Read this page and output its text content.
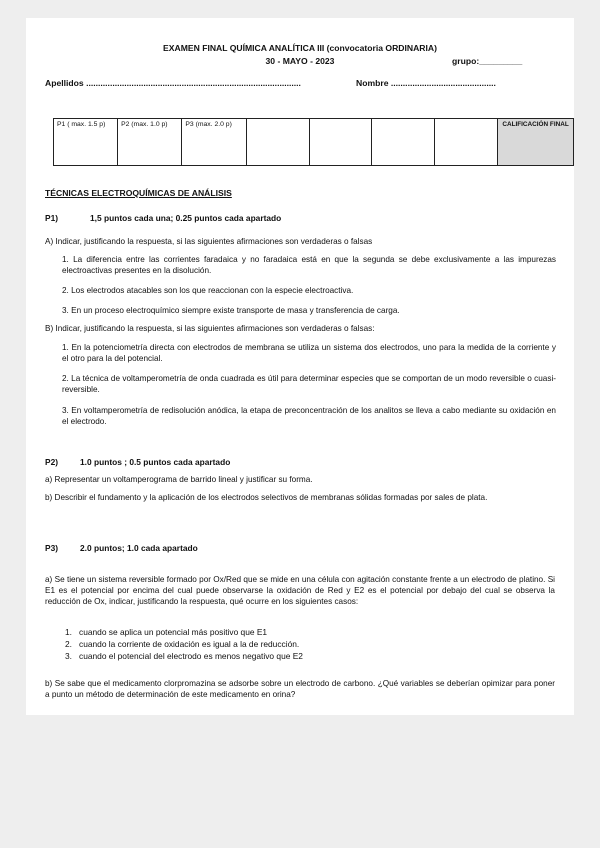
EXAMEN FINAL QUÍMICA ANALÍTICA III (convocatoria ORDINARIA)
30 - MAYO - 2023	grupo:_________
Apellidos ..........................................................................................	Nombre ............................................
P1 ( max. 1.5 p)	P2 (max. 1.0 p)	P3 (max. 2.0 p)					CALIFICACIÓN FINAL
TÉCNICAS ELECTROQUÍMICAS DE ANÁLISIS
P1)	1,5 puntos cada una; 0.25 puntos cada apartado
A) Indicar, justificando la respuesta, si las siguientes afirmaciones son verdaderas o falsas
1. La diferencia entre las corrientes faradaica y no faradaica está en que la segunda se debe exclusivamente a las impurezas electroactivas presentes en la disolución.
2. Los electrodos atacables son los que reaccionan con la especie electroactiva.
3. En un proceso electroquímico siempre existe transporte de masa y transferencia de carga.
B) Indicar, justificando la respuesta, si las siguientes afirmaciones son verdaderas o falsas:
1. En la potenciometría directa con electrodos de membrana se utiliza un sistema dos electrodos, uno para la medida de la corriente y el otro para la del potencial.
2. La técnica de voltamperometría de onda cuadrada es útil para determinar especies que se comportan de un modo reversible o cuasi-reversible.
3. En voltamperometría de redisolución anódica, la etapa de preconcentración de los analitos se lleva a cabo mediante su oxidación en el electrodo.
P2)	1.0 puntos ; 0.5 puntos cada apartado
a) Representar un voltamperograma de barrido lineal y justificar su forma.
b) Describir el fundamento y la aplicación de los electrodos selectivos de membranas sólidas formadas por sales de plata.
P3)	2.0 puntos; 1.0 cada apartado
a) Se tiene un sistema reversible formado por Ox/Red que se mide en una célula con agitación constante frente a un electrodo de platino. Si E1 es el potencial por encima del cual puede observarse la oxidación de Red y E2 es el potencial por debajo del cual se observa la reducción de Ox, indicar, justificando la respuesta, qué ocurre en los siguientes casos:
1. cuando se aplica un potencial más positivo que E1
2. cuando la corriente de oxidación es igual a la de reducción.
3. cuando el potencial del electrodo es menos negativo que E2
b) Se sabe que el medicamento clorpromazina se adsorbe sobre un electrodo de carbono. ¿Qué variables se deberían opimizar para poner a punto un método de determinación de este medicamento en orina?
